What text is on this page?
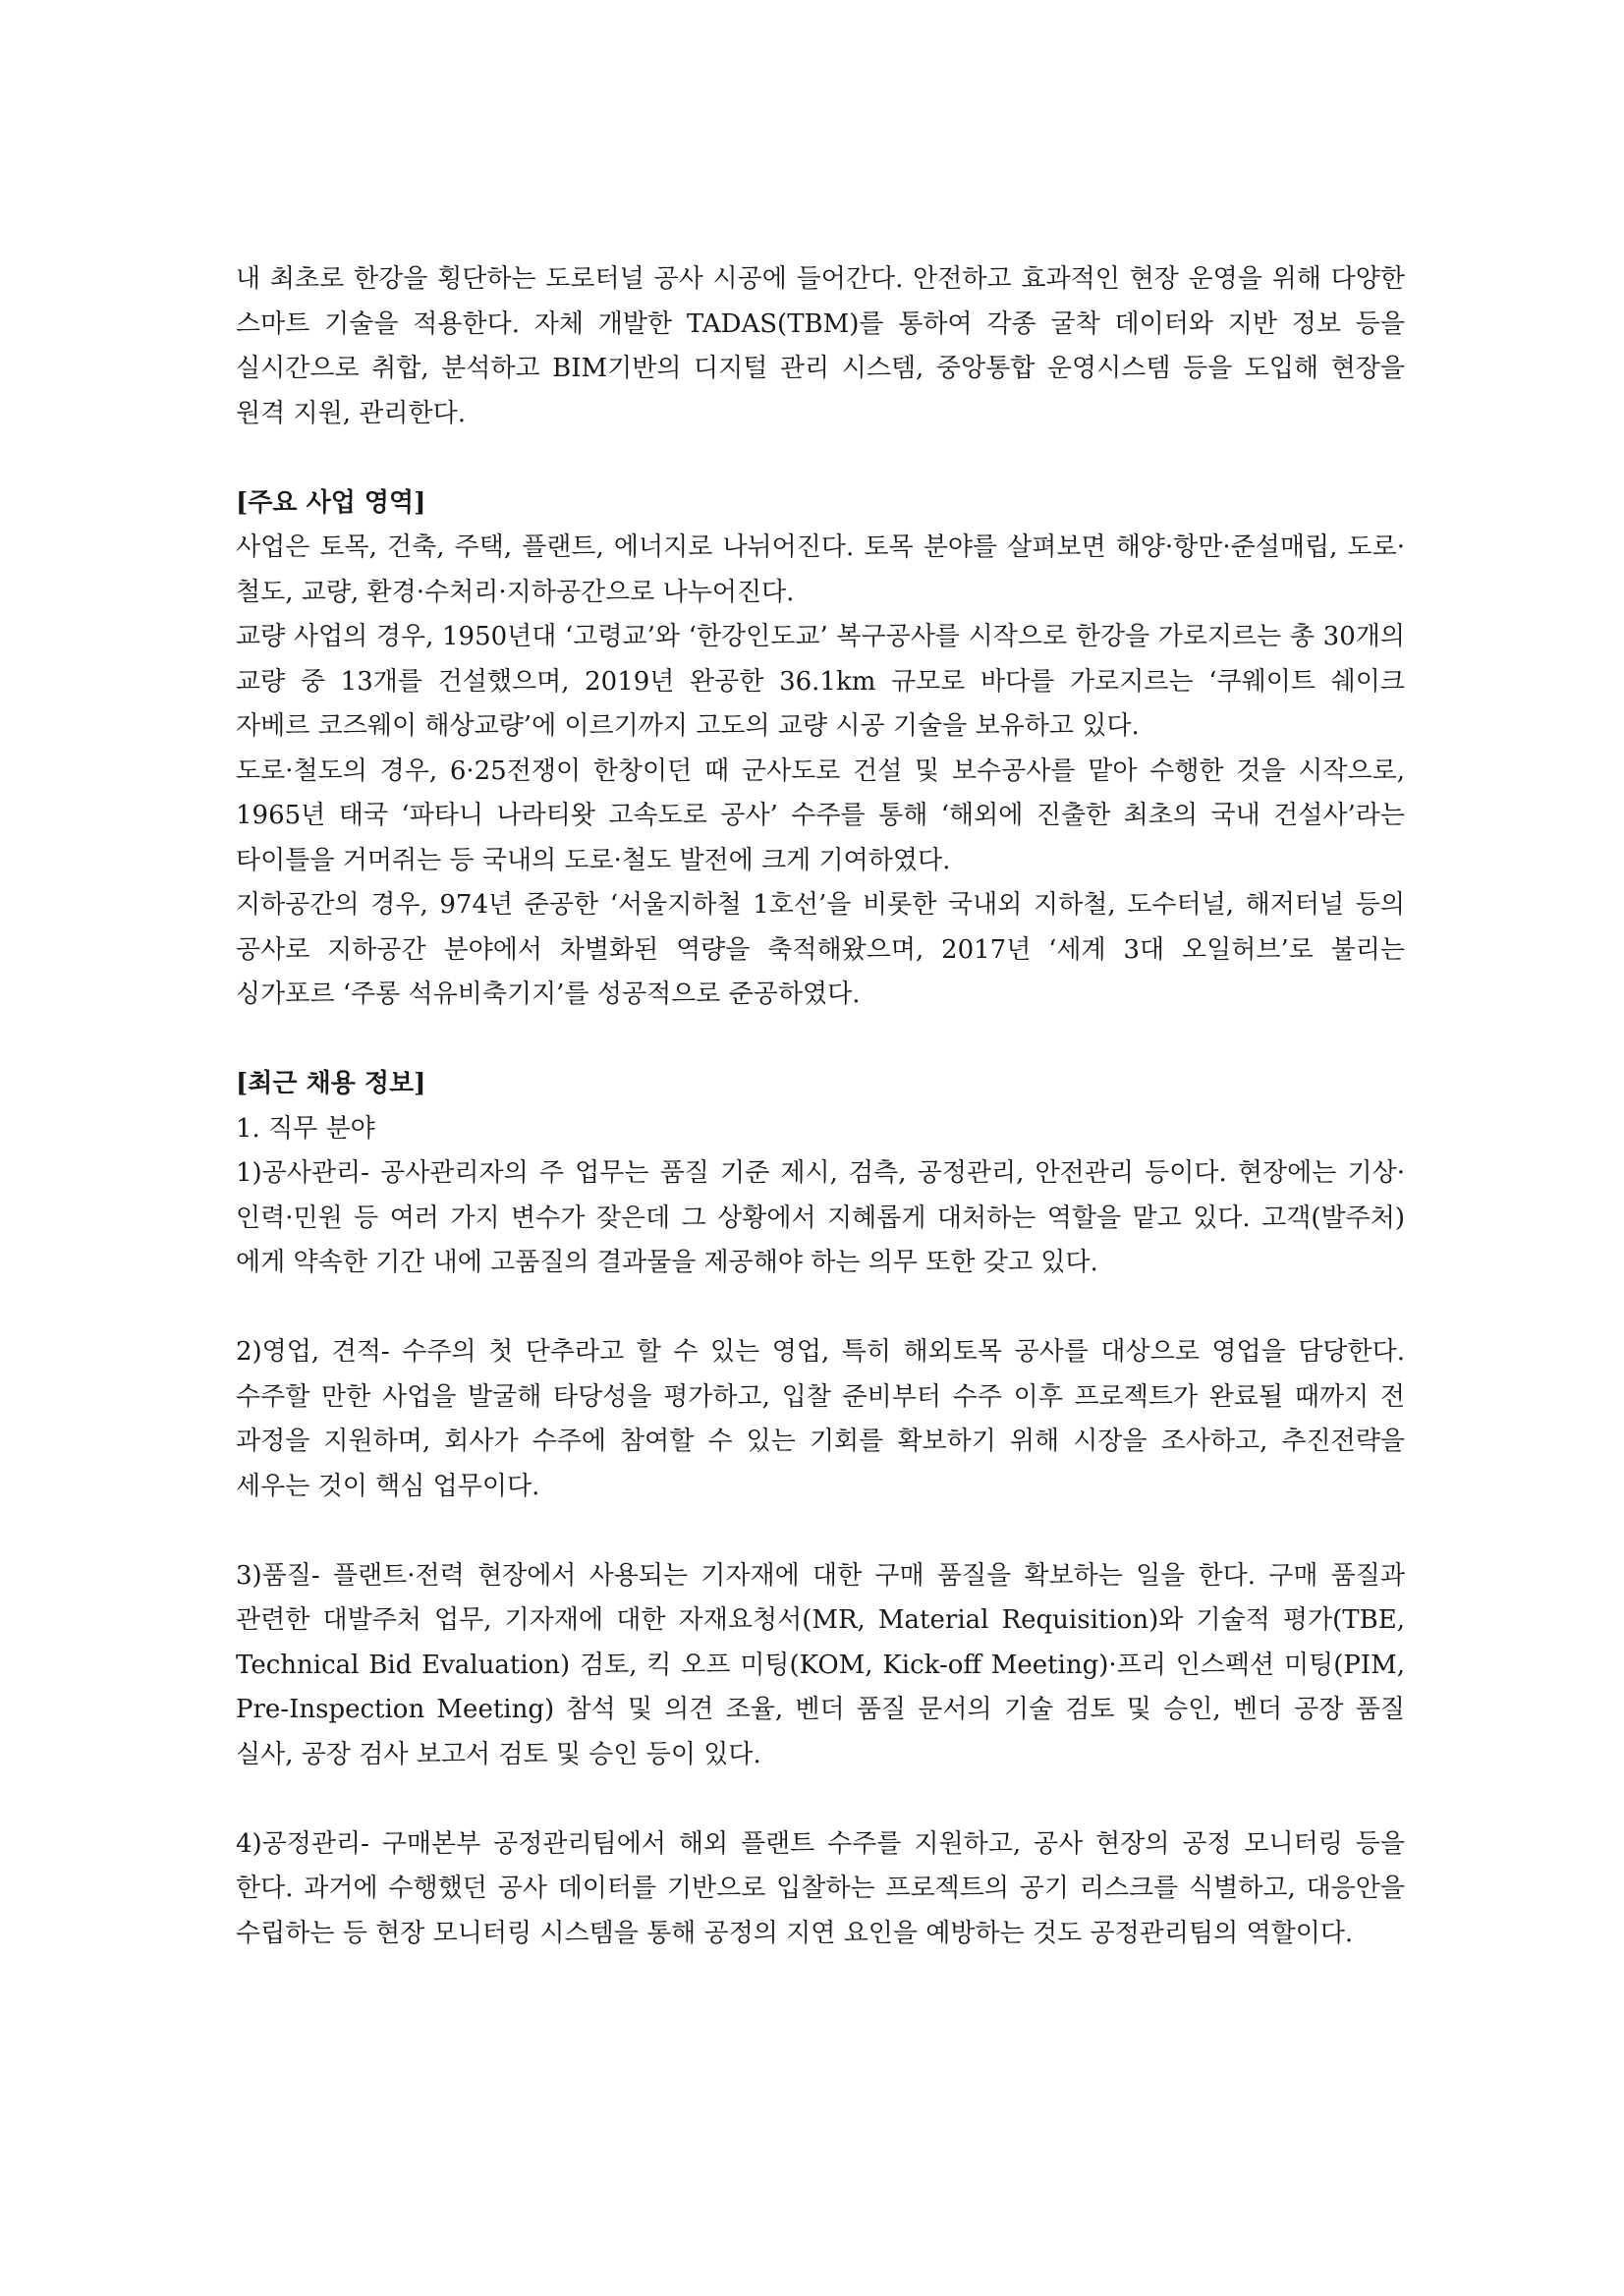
내 최초로 한강을 횡단하는 도로터널 공사 시공에 들어간다. 안전하고 효과적인 현장 운영을 위해 다양한 스마트 기술을 적용한다. 자체 개발한 TADAS(TBM)를 통하여 각종 굴착 데이터와 지반 정보 등을 실시간으로 취합, 분석하고 BIM기반의 디지털 관리 시스템, 중앙통합 운영시스템 등을 도입해 현장을 원격 지원, 관리한다.

[주요 사업 영역]

사업은 토목, 건축, 주택, 플랜트, 에너지로 나뉘어진다. 토목 분야를 살펴보면 해양·항만·준설매립, 도로·철도, 교량, 환경·수처리·지하공간으로 나누어진다.

교량 사업의 경우, 1950년대 ‘고령교’와 ‘한강인도교’ 복구공사를 시작으로 한강을 가로지르는 총 30개의 교량 중 13개를 건설했으며, 2019년 완공한 36.1km 규모로 바다를 가로지르는 ‘쿠웨이트 쉐이크 자베르 코즈웨이 해상교량’에 이르기까지 고도의 교량 시공 기술을 보유하고 있다.

도로·철도의 경우, 6·25전쟁이 한창이던 때 군사도로 건설 및 보수공사를 맡아 수행한 것을 시작으로, 1965년 태국 ‘파타니 나라티왓 고속도로 공사’ 수주를 통해 ‘해외에 진출한 최초의 국내 건설사’라는 타이틀을 거머쥐는 등 국내의 도로·철도 발전에 크게 기여하였다.

지하공간의 경우, 974년 준공한 ‘서울지하철 1호선’을 비롯한 국내외 지하철, 도수터널, 해저터널 등의 공사로 지하공간 분야에서 차별화된 역량을 축적해왔으며, 2017년 ‘세계 3대 오일허브’로 불리는 싱가포르 ‘주롱 석유비축기지’를 성공적으로 준공하였다.

[최근 채용 정보]

1. 직무 분야

1)공사관리- 공사관리자의 주 업무는 품질 기준 제시, 검측, 공정관리, 안전관리 등이다. 현장에는 기상·인력·민원 등 여러 가지 변수가 잦은데 그 상황에서 지혜롭게 대처하는 역할을 맡고 있다. 고객(발주처)에게 약속한 기간 내에 고품질의 결과물을 제공해야 하는 의무 또한 갖고 있다.

2)영업, 견적- 수주의 첫 단추라고 할 수 있는 영업, 특히 해외토목 공사를 대상으로 영업을 담당한다. 수주할 만한 사업을 발굴해 타당성을 평가하고, 입찰 준비부터 수주 이후 프로젝트가 완료될 때까지 전 과정을 지원하며, 회사가 수주에 참여할 수 있는 기회를 확보하기 위해 시장을 조사하고, 추진전략을 세우는 것이 핵심 업무이다.

3)품질- 플랜트·전력 현장에서 사용되는 기자재에 대한 구매 품질을 확보하는 일을 한다. 구매 품질과 관련한 대발주처 업무, 기자재에 대한 자재요청서(MR, Material Requisition)와 기술적 평가(TBE, Technical Bid Evaluation) 검토, 킥 오프 미팅(KOM, Kick-off Meeting)·프리 인스펙션 미팅(PIM, Pre-Inspection Meeting) 참석 및 의견 조율, 벤더 품질 문서의 기술 검토 및 승인, 벤더 공장 품질 실사, 공장 검사 보고서 검토 및 승인 등이 있다.

4)공정관리- 구매본부 공정관리팀에서 해외 플랜트 수주를 지원하고, 공사 현장의 공정 모니터링 등을 한다. 과거에 수행했던 공사 데이터를 기반으로 입찰하는 프로젝트의 공기 리스크를 식별하고, 대응안을 수립하는 등 현장 모니터링 시스템을 통해 공정의 지연 요인을 예방하는 것도 공정관리팀의 역할이다.
